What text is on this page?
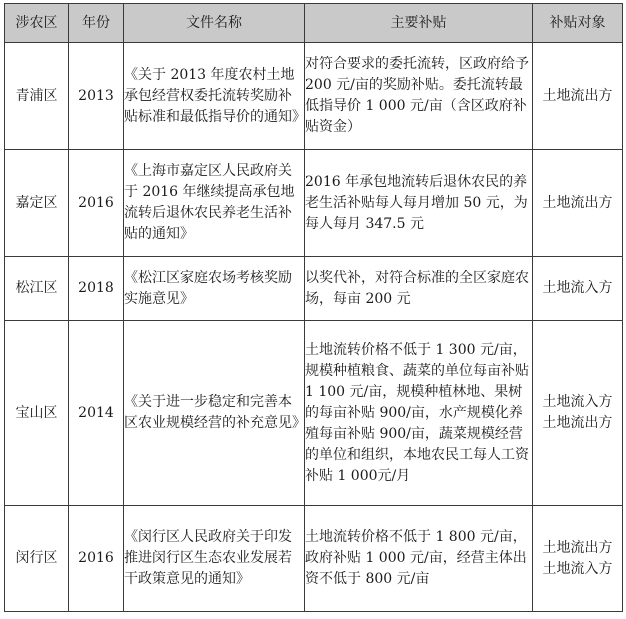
涉农区	年份	文件名称	主要补贴	补贴对象
青浦区	2013	《关于 2013 年度农村土地承包经营权委托流转奖励补贴标准和最低指导价的通知》	对符合要求的委托流转，区政府给予 200 元/亩的奖励补贴。委托流转最低指导价 1 000 元/亩（含区政府补贴资金）	土地流出方

嘉定区	2016	《上海市嘉定区人民政府关于 2016 年继续提高承包地流转后退休农民养老生活补贴的通知》	2016 年承包地流转后退休农民的养老生活补贴每人每月增加 50 元，为每人每月 347.5 元	土地流出方

松江区	2018	《松江区家庭农场考核奖励实施意见》	以奖代补，对符合标准的全区家庭农场，每亩 200 元	土地流入方

宝山区	2014	《关于进一步稳定和完善本区农业规模经营的补充意见》	土地流转价格不低于 1 300 元/亩，规模种植粮食、蔬菜的单位每亩补贴 1 100 元/亩，规模种植林地、果树的每亩补贴 900/亩，水产规模化养殖每亩补贴 900/亩，蔬菜规模经营的单位和组织，本地农民工每人工资补贴 1 000元/月	土地流入方
土地流出方

闵行区	2016	《闵行区人民政府关于印发推进闵行区生态农业发展若干政策意见的通知》	土地流转价格不低于 1 800 元/亩，政府补贴 1 000 元/亩，经营主体出资不低于 800 元/亩	土地流出方
土地流入方
